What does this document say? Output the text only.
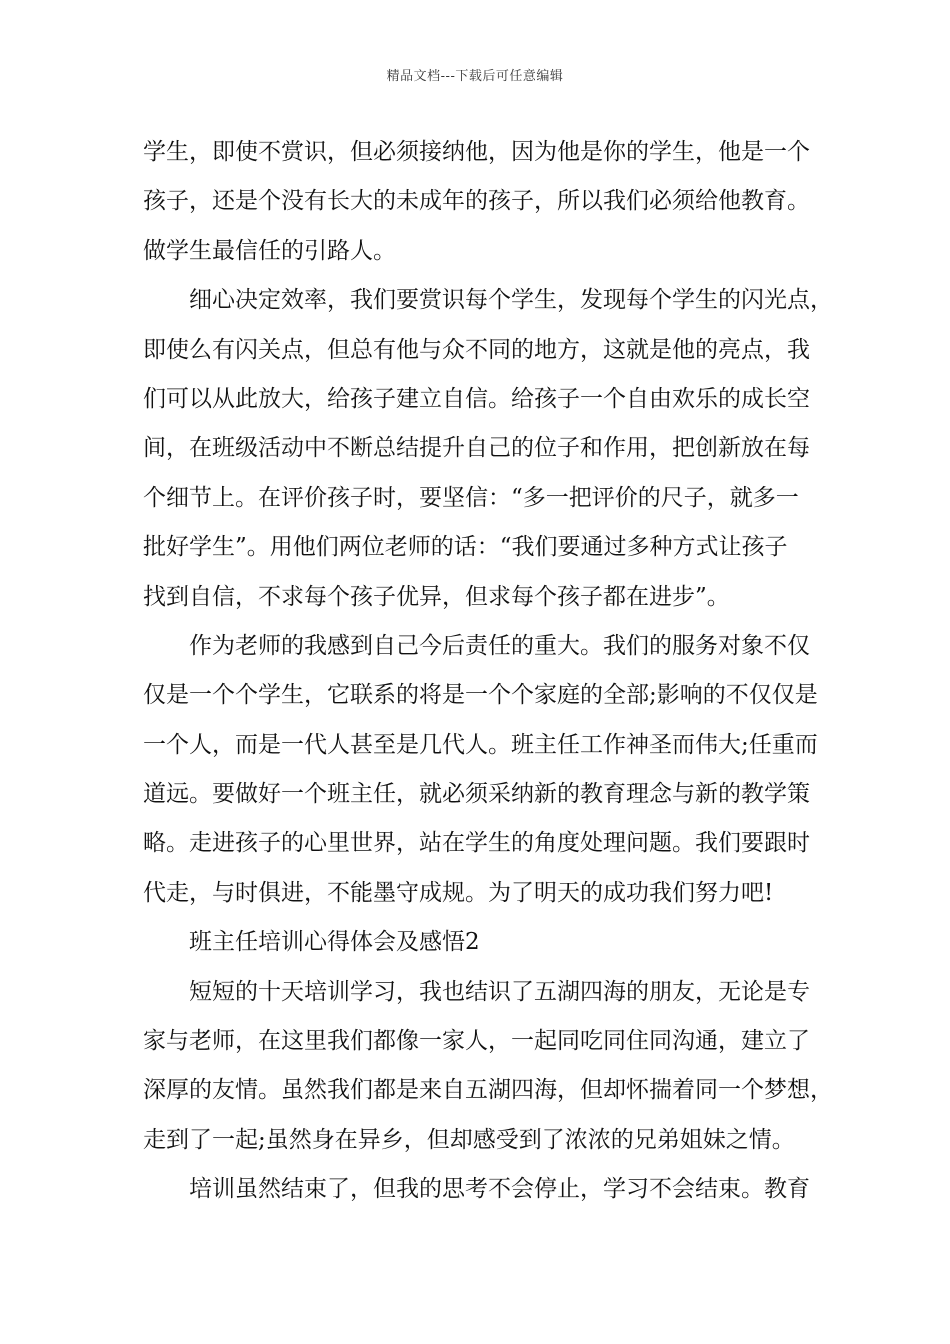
精品文档---下载后可任意编辑
学生，即使不赏识，但必须接纳他，因为他是你的学生，他是一个
孩子，还是个没有长大的未成年的孩子，所以我们必须给他教育。
做学生最信任的引路人。
细心决定效率，我们要赏识每个学生，发现每个学生的闪光点，
即使么有闪关点，但总有他与众不同的地方，这就是他的亮点，我
们可以从此放大，给孩子建立自信。给孩子一个自由欢乐的成长空
间，在班级活动中不断总结提升自己的位子和作用，把创新放在每
个细节上。在评价孩子时，要坚信：“多一把评价的尺子，就多一
批好学生”。用他们两位老师的话：“我们要通过多种方式让孩子
找到自信，不求每个孩子优异，但求每个孩子都在进步”。
作为老师的我感到自己今后责任的重大。我们的服务对象不仅
仅是一个个学生，它联系的将是一个个家庭的全部;影响的不仅仅是
一个人，而是一代人甚至是几代人。班主任工作神圣而伟大;任重而
道远。要做好一个班主任，就必须采纳新的教育理念与新的教学策
略。走进孩子的心里世界，站在学生的角度处理问题。我们要跟时
代走，与时俱进，不能墨守成规。为了明天的成功我们努力吧!
班主任培训心得体会及感悟2
短短的十天培训学习，我也结识了五湖四海的朋友，无论是专
家与老师，在这里我们都像一家人，一起同吃同住同沟通，建立了
深厚的友情。虽然我们都是来自五湖四海，但却怀揣着同一个梦想，
走到了一起;虽然身在异乡，但却感受到了浓浓的兄弟姐妹之情。
培训虽然结束了，但我的思考不会停止，学习不会结束。教育
